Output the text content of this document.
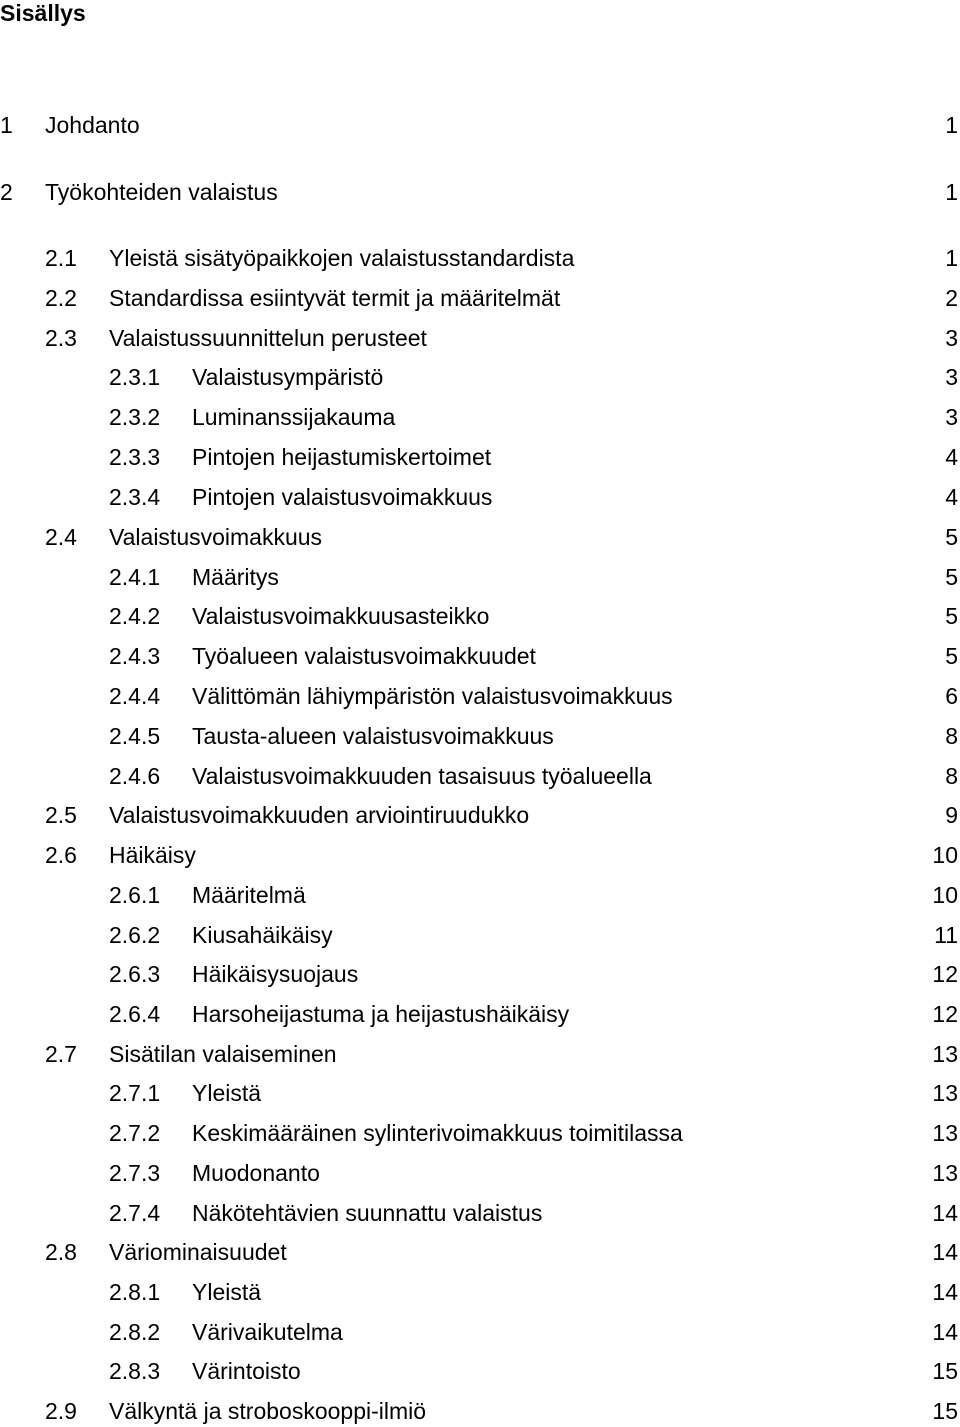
Sisällys
1 Johdanto	1
2 Työkohteiden valaistus	1
2.1 Yleistä sisätyöpaikkojen valaistusstandardista	1
2.2 Standardissa esiintyvät termit ja määritelmät	2
2.3 Valaistussuunnittelun perusteet	3
2.3.1 Valaistusympäristö	3
2.3.2 Luminanssijakauma	3
2.3.3 Pintojen heijastumiskertoimet	4
2.3.4 Pintojen valaistusvoimakkuus	4
2.4 Valaistusvoimakkuus	5
2.4.1 Määritys	5
2.4.2 Valaistusvoimakkuusasteikko	5
2.4.3 Työalueen valaistusvoimakkuudet	5
2.4.4 Välittömän lähiympäristön valaistusvoimakkuus	6
2.4.5 Tausta-alueen valaistusvoimakkuus	8
2.4.6 Valaistusvoimakkuuden tasaisuus työalueella	8
2.5 Valaistusvoimakkuuden arviointiruudukko	9
2.6 Häikäisy	10
2.6.1 Määritelmä	10
2.6.2 Kiusahäikäisy	11
2.6.3 Häikäisysuojaus	12
2.6.4 Harsoheijastuma ja heijastushäikäisy	12
2.7 Sisätilan valaiseminen	13
2.7.1 Yleistä	13
2.7.2 Keskimääräinen sylinterivoimakkuus toimitilassa	13
2.7.3 Muodonanto	13
2.7.4 Näkötehtävien suunnattu valaistus	14
2.8 Väriominaisuudet	14
2.8.1 Yleistä	14
2.8.2 Värivaikutelma	14
2.8.3 Värintoisto	15
2.9 Välkyntä ja stroboskooppi-ilmiö	15
